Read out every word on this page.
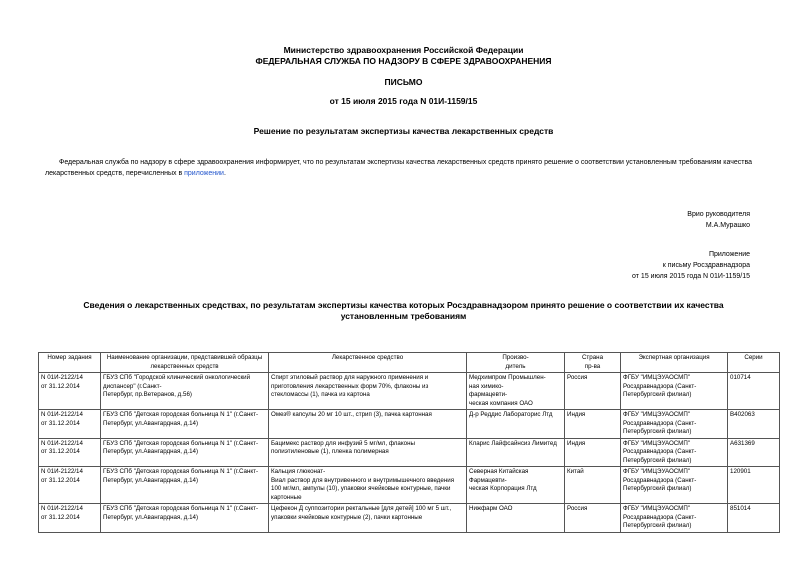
Министерство здравоохранения Российской Федерации
ФЕДЕРАЛЬНАЯ СЛУЖБА ПО НАДЗОРУ В СФЕРЕ ЗДРАВООХРАНЕНИЯ

ПИСЬМО

от 15 июля 2015 года N 01И-1159/15

Решение по результатам экспертизы качества лекарственных средств

Федеральная служба по надзору в сфере здравоохранения информирует, что по результатам экспертизы качества лекарственных средств принято решение о соответствии установленным требованиям качества лекарственных средств, перечисленных в приложении.

Врио руководителя
М.А.Мурашко
Приложение
к письму Росздравнадзора
от 15 июля 2015 года N 01И-1159/15

Сведения о лекарственных средствах, по результатам экспертизы качества которых Росздравнадзором принято решение о соответствии их качества установленным требованиям

Номер задания	Наименование организации, представившей образцы лекарственных средств	Лекарственное средство	Произво-
дитель	Страна
пр-ва	Экспертная организация	Серии
N 01И-2122/14
от 31.12.2014	ГБУЗ СПб "Городской клинический онкологический диспансер" (г.Санкт-
Петербург, пр.Ветеранов, д.56)	Спирт этиловый раствор для наружного применения и приготовления лекарственных форм 70%, флаконы из стекломассы (1), пачка из картона	Медхимпром Промышлен-
ная химико-
фармацевти-
ческая компания ОАО	Россия	ФГБУ "ИМЦЭУАОСМП" Росздравнадзора (Санкт-Петербургский филиал)	010714
N 01И-2122/14
от 31.12.2014	ГБУЗ СПб "Детская городская больница N 1" (г.Санкт-
Петербург, ул.Авангардная, д.14)	Омез® капсулы 20 мг 10 шт., стрип (3), пачка картонная	Д-р Реддис Лабораторис Лтд	Индия	ФГБУ "ИМЦЭУАОСМП" Росздравнадзора (Санкт-Петербургский филиал)	B402063
N 01И-2122/14
от 31.12.2014	ГБУЗ СПб "Детская городская больница N 1" (г.Санкт-
Петербург, ул.Авангардная, д.14)	Бацимекс раствор для инфузий 5 мг/мл, флаконы полиэтиленовые (1), пленка полимерная	Кларис Лайфсайнсиз Лимитед	Индия	ФГБУ "ИМЦЭУАОСМП" Росздравнадзора (Санкт-Петербургский филиал)	A631369
N 01И-2122/14
от 31.12.2014	ГБУЗ СПб "Детская городская больница N 1" (г.Санкт-
Петербург, ул.Авангардная, д.14)	Кальция глюконат-
Виал раствор для внутривенного и внутримышечного введения 100 мг/мл, ампулы (10), упаковки ячейковые контурные, пачки картонные	Северная Китайская Фармацевти-
ческая Корпорация Лтд	Китай	ФГБУ "ИМЦЭУАОСМП" Росздравнадзора (Санкт-Петербургский филиал)	120901
N 01И-2122/14
от 31.12.2014	ГБУЗ СПб "Детская городская больница N 1" (г.Санкт-
Петербург, ул.Авангардная, д.14)	Цефекон Д суппозитории ректальные [для детей] 100 мг 5 шт., упаковки ячейковые контурные (2), пачки картонные	Нижфарм ОАО	Россия	ФГБУ "ИМЦЭУАОСМП" Росздравнадзора (Санкт-Петербургский филиал)	851014
